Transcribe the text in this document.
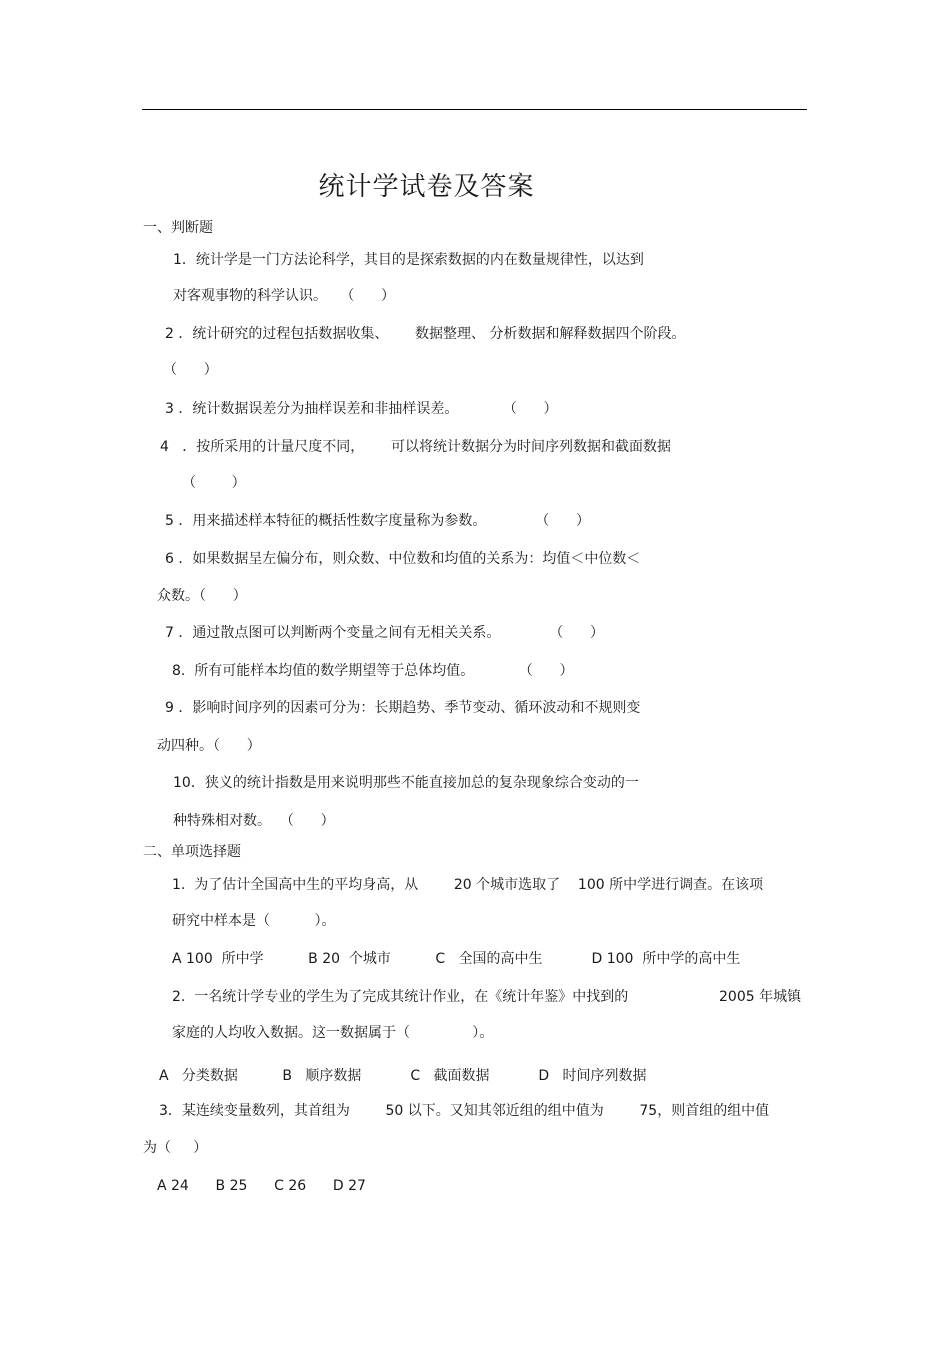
统计学试卷及答案
一、判断题
1．统计学是一门方法论科学，其目的是探索数据的内在数量规律性，以达到
对客观事物的科学认识。   （      ）
2 ．统计研究的过程包括数据收集、      数据整理、 分析数据和解释数据四个阶段。
（      ）
3 ．统计数据误差分为抽样误差和非抽样误差。          （      ）
4   ．按所采用的计量尺度不同，      可以将统计数据分为时间序列数据和截面数据
（        ）
5 ．用来描述样本特征的概括性数字度量称为参数。           （      ）
6 ．如果数据呈左偏分布，则众数、中位数和均值的关系为：均值＜中位数＜
众数。（      ）
7 ．通过散点图可以判断两个变量之间有无相关关系。           （      ）
8.  所有可能样本均值的数学期望等于总体均值。          （      ）
9 ．影响时间序列的因素可分为：长期趋势、季节变动、循环波动和不规则变
动四种。（      ）
10．狭义的统计指数是用来说明那些不能直接加总的复杂现象综合变动的一
种特殊相对数。  （      ）
二、单项选择题
1.  为了估计全国高中生的平均身高，从        20 个城市选取了    100 所中学进行调查。在该项
研究中样本是（          ）。
A 100  所中学          B 20  个城市          C   全国的高中生           D 100  所中学的高中生
2.  一名统计学专业的学生为了完成其统计作业，在《统计年鉴》中找到的	2005 年城镇
家庭的人均收入数据。这一数据属于（              ）。
A   分类数据          B   顺序数据           C   截面数据           D   时间序列数据
3．某连续变量数列，其首组为        50 以下。又知其邻近组的组中值为        75，则首组的组中值
为（     ）
A 24      B 25      C 26      D 27
